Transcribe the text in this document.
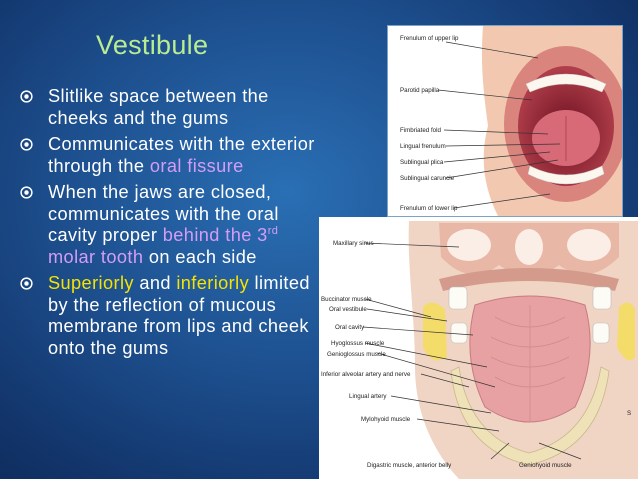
Vestibule
Slitlike space between the cheeks and the gums
Communicates with the exterior through the oral fissure
When the jaws are closed, communicates with the oral cavity proper behind the 3rd molar tooth on each side
Superiorly and inferiorly limited by the reflection of mucous membrane from lips and cheek onto the gums
Frenulum of upper lip
Parotid papilla
Fimbriated fold
Lingual frenulum
Sublingual plica
Sublingual caruncle
Frenulum of lower lip
Maxillary sinus
Buccinator muscle
Oral vestibule
Oral cavity
Hyoglossus muscle
Genioglossus muscle
Inferior alveolar artery and nerve
Lingual artery
Mylohyoid muscle
Digastric muscle, anterior belly	Geniohyoid muscle
S
